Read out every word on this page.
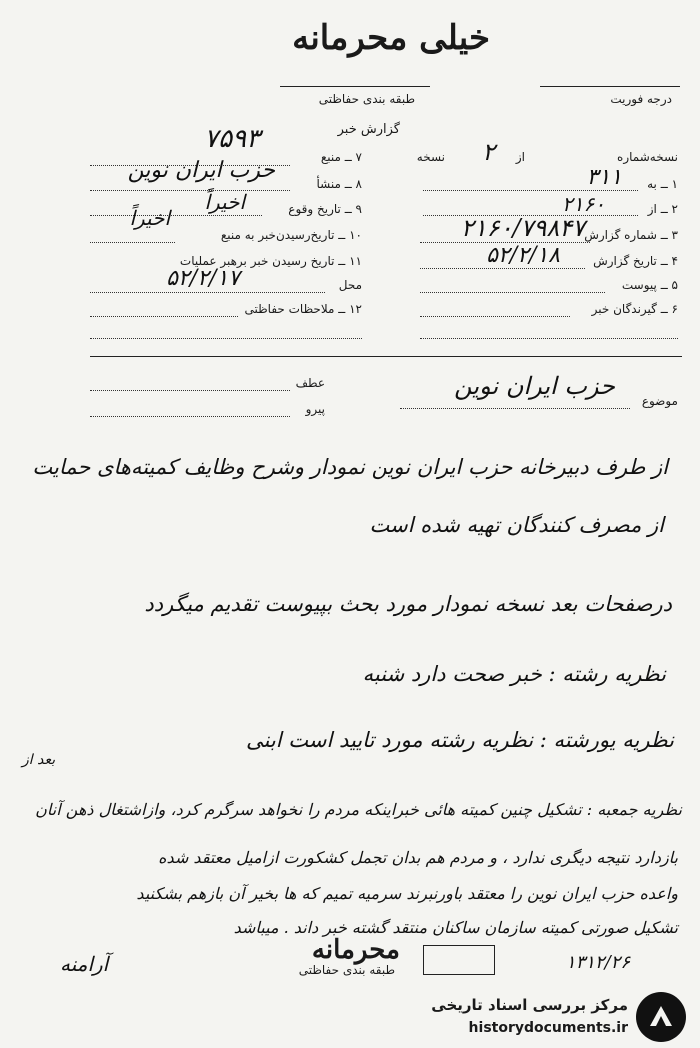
خیلی محرمانه
درجه فوریت
طبقه بندی حفاظتی
گزارش خبر
نسخه‌شماره
از
۲
نسخه
۱ ــ به
۳۱۱
۲ ــ از
۲۱۶۰
۳ ــ شماره گزارش
۲۱۶۰/۷۹۸۴۷
۴ ــ تاریخ گزارش
۵۲/۲/۱۸
۵ ــ پیوست
۶ ــ گیرندگان خبر
۷ ــ منبع
۷۵۹۳
۸ ــ منشأ
حزب ایران نوین
۹ ــ تاریخ وقوع
اخیراً
۱۰ ــ تاریخ‌رسیدن‌خبر به منبع
اخیراً
۱۱ ــ تاریخ رسیدن خبر برهبر عملیات
محل
۵۲/۲/۱۷
۱۲ ــ ملاحظات حفاظتی
موضوع
حزب ایران نوین
عطف
پیرو
از طرف دبیرخانه حزب ایران نوین نمودار وشرح وظایف کمیته‌های حمایت
از مصرف کنندگان تهیه شده است
درصفحات بعد نسخه نمودار مورد بحث بپیوست تقدیم میگردد
نظریه رشته : خبر صحت دارد شنبه
نظریه یورشته : نظریه رشته مورد تایید است ابنی
نظریه جمعبه : تشکیل چنین کمیته هائی خبراینکه مردم را نخواهد سرگرم کرد، وازاشتغال ذهن آنان
بازدارد نتیجه دیگری ندارد ، و مردم هم بدان تجمل کشکورت ازامیل معتقد شده
واعده حزب ایران نوین را معتقد باورنبرند سرمیه تمیم که ها بخیر آن بازهم بشکنید
تشکیل صورتی کمیته سازمان ساکنان منتقد گشته خبر داند . میباشد
بعد از
آرامنه	محرمانه
طبقه بندی حفاظتی	۱۳۱۲/۲۶
مرکز بررسی اسناد تاریخی
historydocuments.ir
